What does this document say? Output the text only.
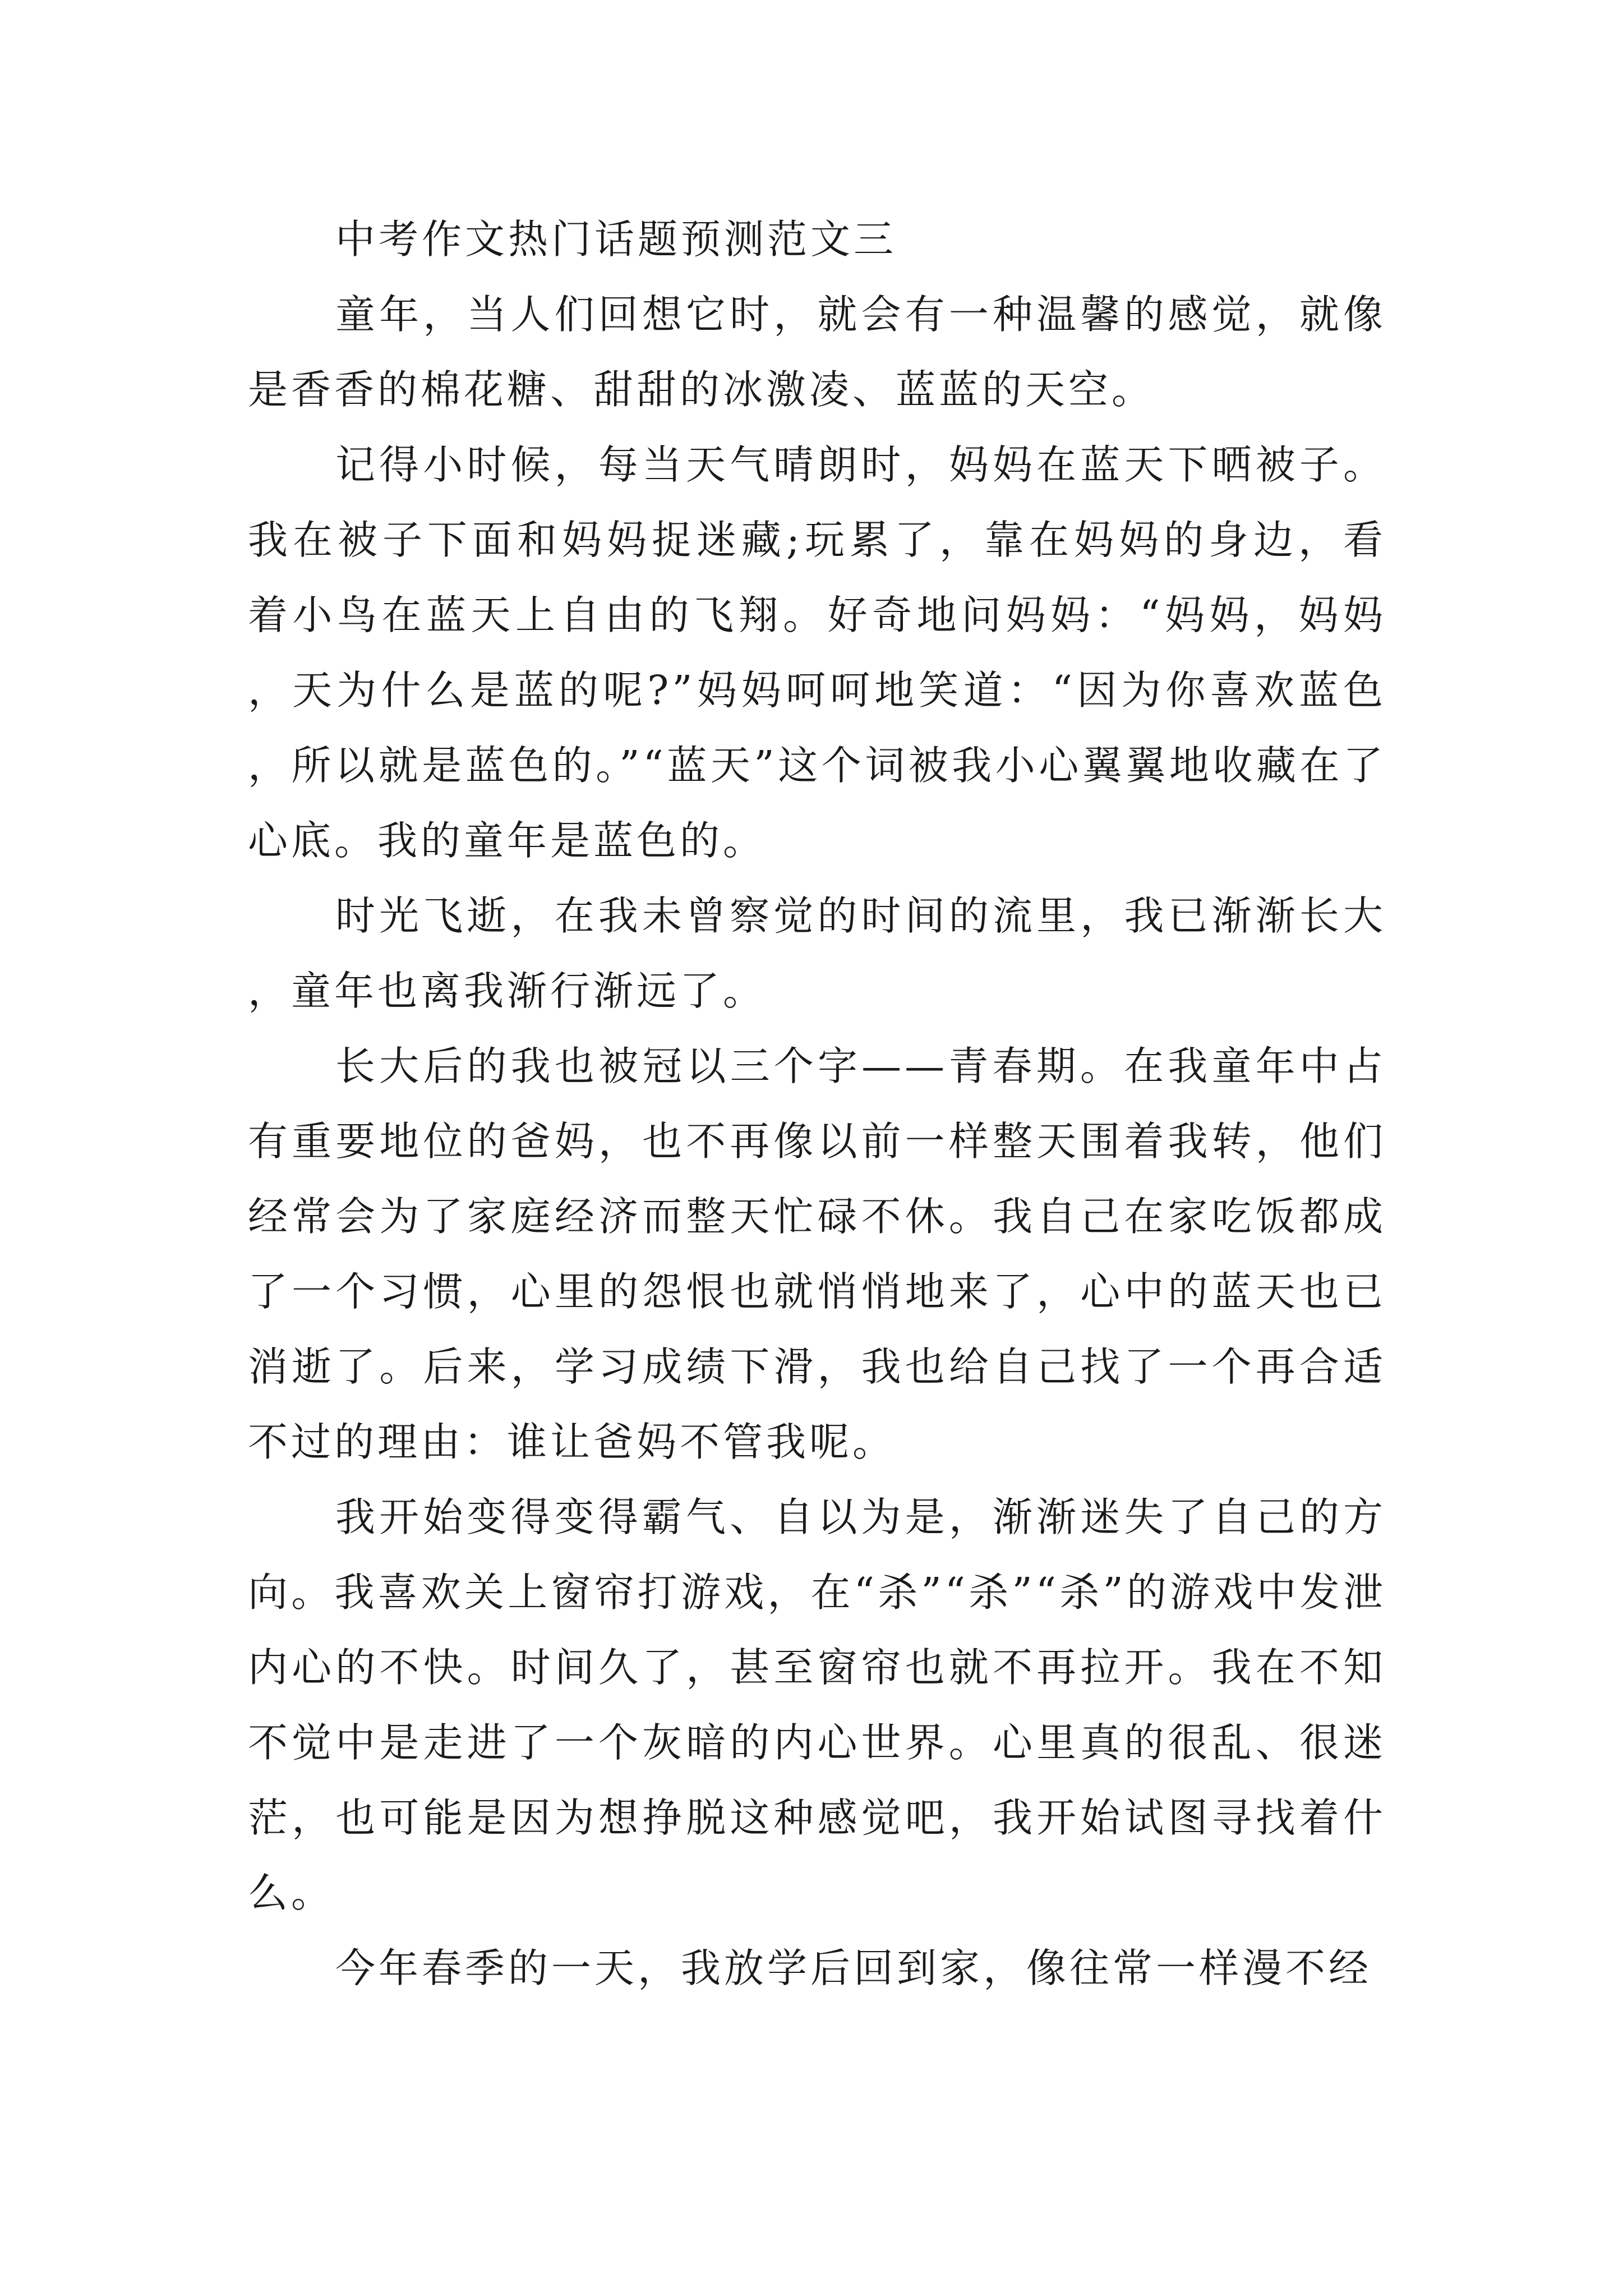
中考作文热门话题预测范文三

童年，当人们回想它时，就会有一种温馨的感觉，就像是香香的棉花糖、甜甜的冰激凌、蓝蓝的天空。

记得小时候，每当天气晴朗时，妈妈在蓝天下晒被子。我在被子下面和妈妈捉迷藏;玩累了，靠在妈妈的身边，看着小鸟在蓝天上自由的飞翔。好奇地问妈妈：“妈妈，妈妈，天为什么是蓝的呢?”妈妈呵呵地笑道：“因为你喜欢蓝色，所以就是蓝色的。”“蓝天”这个词被我小心翼翼地收藏在了心底。我的童年是蓝色的。

时光飞逝，在我未曾察觉的时间的流里，我已渐渐长大，童年也离我渐行渐远了。

长大后的我也被冠以三个字——青春期。在我童年中占有重要地位的爸妈，也不再像以前一样整天围着我转，他们经常会为了家庭经济而整天忙碌不休。我自己在家吃饭都成了一个习惯，心里的怨恨也就悄悄地来了，心中的蓝天也已消逝了。后来，学习成绩下滑，我也给自己找了一个再合适不过的理由：谁让爸妈不管我呢。

我开始变得变得霸气、自以为是，渐渐迷失了自己的方向。我喜欢关上窗帘打游戏，在“杀”“杀”“杀”的游戏中发泄内心的不快。时间久了，甚至窗帘也就不再拉开。我在不知不觉中是走进了一个灰暗的内心世界。心里真的很乱、很迷茫，也可能是因为想挣脱这种感觉吧，我开始试图寻找着什么。

今年春季的一天，我放学后回到家，像往常一样漫不经
